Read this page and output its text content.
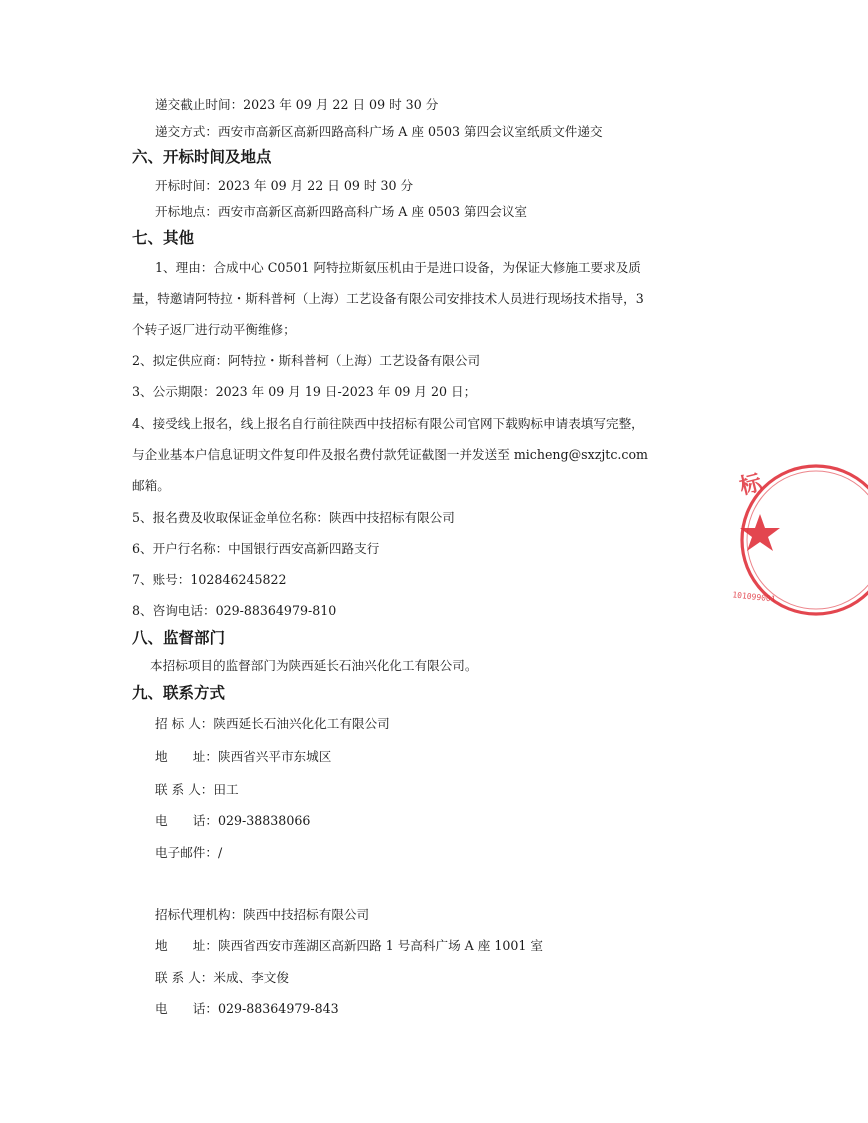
递交截止时间：2023 年 09 月 22 日 09 时 30 分
递交方式：西安市高新区高新四路高科广场 A 座 0503 第四会议室纸质文件递交
六、开标时间及地点
开标时间：2023 年 09 月 22 日 09 时 30 分
开标地点：西安市高新区高新四路高科广场 A 座 0503 第四会议室
七、其他
1、理由：合成中心 C0501 阿特拉斯氨压机由于是进口设备，为保证大修施工要求及质
量，特邀请阿特拉・斯科普柯（上海）工艺设备有限公司安排技术人员进行现场技术指导，3
个转子返厂进行动平衡维修；
2、拟定供应商：阿特拉・斯科普柯（上海）工艺设备有限公司
3、公示期限：2023 年 09 月 19 日-2023 年 09 月 20 日；
4、接受线上报名，线上报名自行前往陕西中技招标有限公司官网下载购标申请表填写完整，
与企业基本户信息证明文件复印件及报名费付款凭证截图一并发送至 micheng@sxzjtc.com
邮箱。
5、报名费及收取保证金单位名称：陕西中技招标有限公司
6、开户行名称：中国银行西安高新四路支行
7、账号：102846245822
8、咨询电话：029-88364979-810
八、监督部门
本招标项目的监督部门为陕西延长石油兴化化工有限公司。
九、联系方式
招 标 人：陕西延长石油兴化化工有限公司
地　　址：陕西省兴平市东城区
联 系 人：田工
电　　话：029-38838066
电子邮件：/
招标代理机构：陕西中技招标有限公司
地　　址：陕西省西安市莲湖区高新四路 1 号高科广场 A 座 1001 室
联 系 人：米成、李文俊
电　　话：029-88364979-843
标
101099001
